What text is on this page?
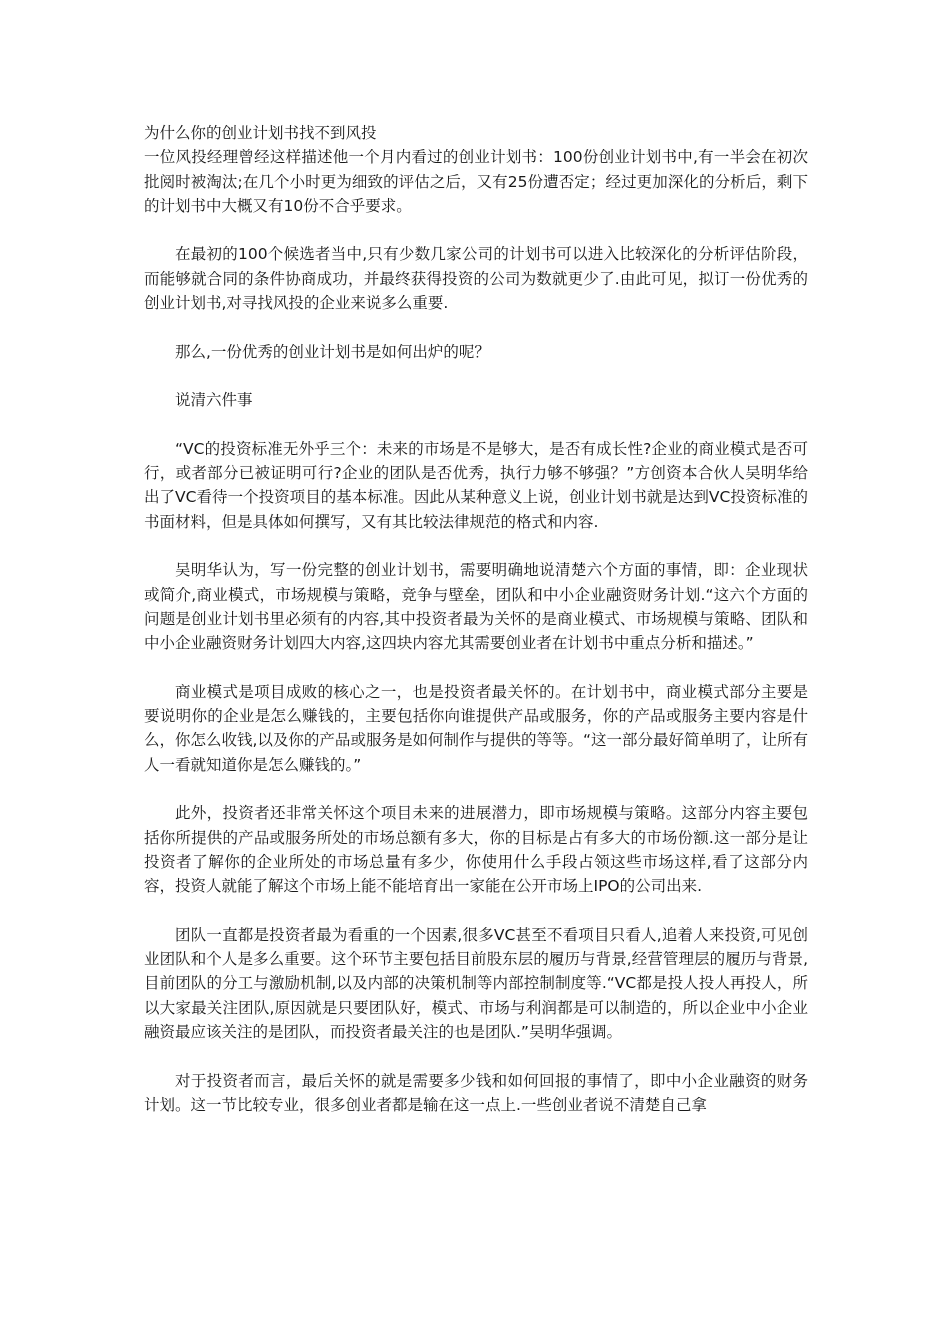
为什么你的创业计划书找不到风投

一位风投经理曾经这样描述他一个月内看过的创业计划书：100份创业计划书中,有一半会在初次批阅时被淘汰;在几个小时更为细致的评估之后，又有25份遭否定；经过更加深化的分析后，剩下的计划书中大概又有10份不合乎要求。

在最初的100个候选者当中,只有少数几家公司的计划书可以进入比较深化的分析评估阶段，而能够就合同的条件协商成功，并最终获得投资的公司为数就更少了.由此可见，拟订一份优秀的创业计划书,对寻找风投的企业来说多么重要.

那么,一份优秀的创业计划书是如何出炉的呢？

说清六件事

“VC的投资标准无外乎三个：未来的市场是不是够大，是否有成长性?企业的商业模式是否可行，或者部分已被证明可行?企业的团队是否优秀，执行力够不够强？”方创资本合伙人吴明华给出了VC看待一个投资项目的基本标准。因此从某种意义上说，创业计划书就是达到VC投资标准的书面材料，但是具体如何撰写，又有其比较法律规范的格式和内容.

吴明华认为，写一份完整的创业计划书，需要明确地说清楚六个方面的事情，即：企业现状或简介,商业模式，市场规模与策略，竞争与壁垒，团队和中小企业融资财务计划.“这六个方面的问题是创业计划书里必须有的内容,其中投资者最为关怀的是商业模式、市场规模与策略、团队和中小企业融资财务计划四大内容,这四块内容尤其需要创业者在计划书中重点分析和描述。”

商业模式是项目成败的核心之一，也是投资者最关怀的。在计划书中，商业模式部分主要是要说明你的企业是怎么赚钱的，主要包括你向谁提供产品或服务，你的产品或服务主要内容是什么，你怎么收钱,以及你的产品或服务是如何制作与提供的等等。“这一部分最好简单明了，让所有人一看就知道你是怎么赚钱的。”

此外，投资者还非常关怀这个项目未来的进展潜力，即市场规模与策略。这部分内容主要包括你所提供的产品或服务所处的市场总额有多大，你的目标是占有多大的市场份额.这一部分是让投资者了解你的企业所处的市场总量有多少，你使用什么手段占领这些市场这样,看了这部分内容，投资人就能了解这个市场上能不能培育出一家能在公开市场上IPO的公司出来.

团队一直都是投资者最为看重的一个因素,很多VC甚至不看项目只看人,追着人来投资,可见创业团队和个人是多么重要。这个环节主要包括目前股东层的履历与背景,经营管理层的履历与背景,目前团队的分工与激励机制,以及内部的决策机制等内部控制制度等.“VC都是投人投人再投人，所以大家最关注团队,原因就是只要团队好，模式、市场与利润都是可以制造的，所以企业中小企业融资最应该关注的是团队，而投资者最关注的也是团队.”吴明华强调。

对于投资者而言，最后关怀的就是需要多少钱和如何回报的事情了，即中小企业融资的财务计划。这一节比较专业，很多创业者都是输在这一点上.一些创业者说不清楚自己拿
